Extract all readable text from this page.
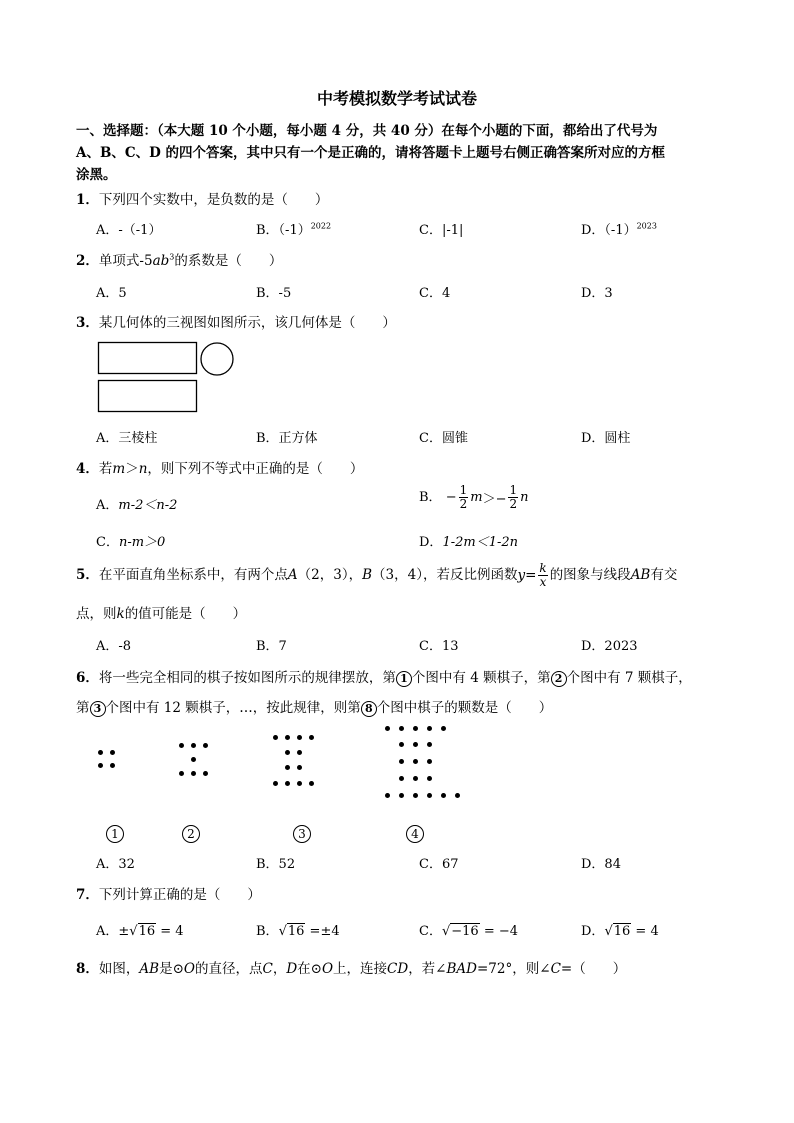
中考模拟数学考试试卷
一、选择题：（本大题 10 个小题，每小题 4 分，共 40 分）在每个小题的下面，都给出了代号为
A、B、C、D 的四个答案，其中只有一个是正确的，请将答题卡上题号右侧正确答案所对应的方框
涂黑。
1．下列四个实数中，是负数的是（　　）
A．-（-1）	B．$(-1)^{2022}$	C．|-1|	D．$(-1)^{2023}$
2．单项式$-5ab^3$的系数是（　　）
A．5	B．-5	C．4	D．3
3．某几何体的三视图如图所示，该几何体是（　　）
A．三棱柱	B．正方体	C．圆锥	D．圆柱
4．若m＞n，则下列不等式中正确的是（　　）
A．m-2＜n-2
B． − $\frac{1}{2} m>- \frac{1}{2}$ n
C．n-m＞0	D．1-2m＜1-2n
5．在平面直角坐标系中，有两个点A（2，3），B（3，4），若反比例函数$y= \frac{k}{x}$ 的图象与线段AB有交
点，则k的值可能是（　　）
A．-8	B．7	C．13	D．2023
6．将一些完全相同的棋子按如图所示的规律摆放，第 1 个图中有 4 颗棋子，第 2 个图中有 7 颗棋子，
第 3 个图中有 12 颗棋子，…，按此规律，则第 8 个图中棋子的颗数是（　　）
1	2	3	4
A．32	B．52	C．67	D．84
7．下列计算正确的是（　　）
A．±√16 = 4	B．√16 =±4	C．√−16 = −4	D．√16 = 4
8．如图，AB是⊙O的直径，点C，D在⊙O上，连接CD，若∠BAD=72°，则∠C=（　　）
